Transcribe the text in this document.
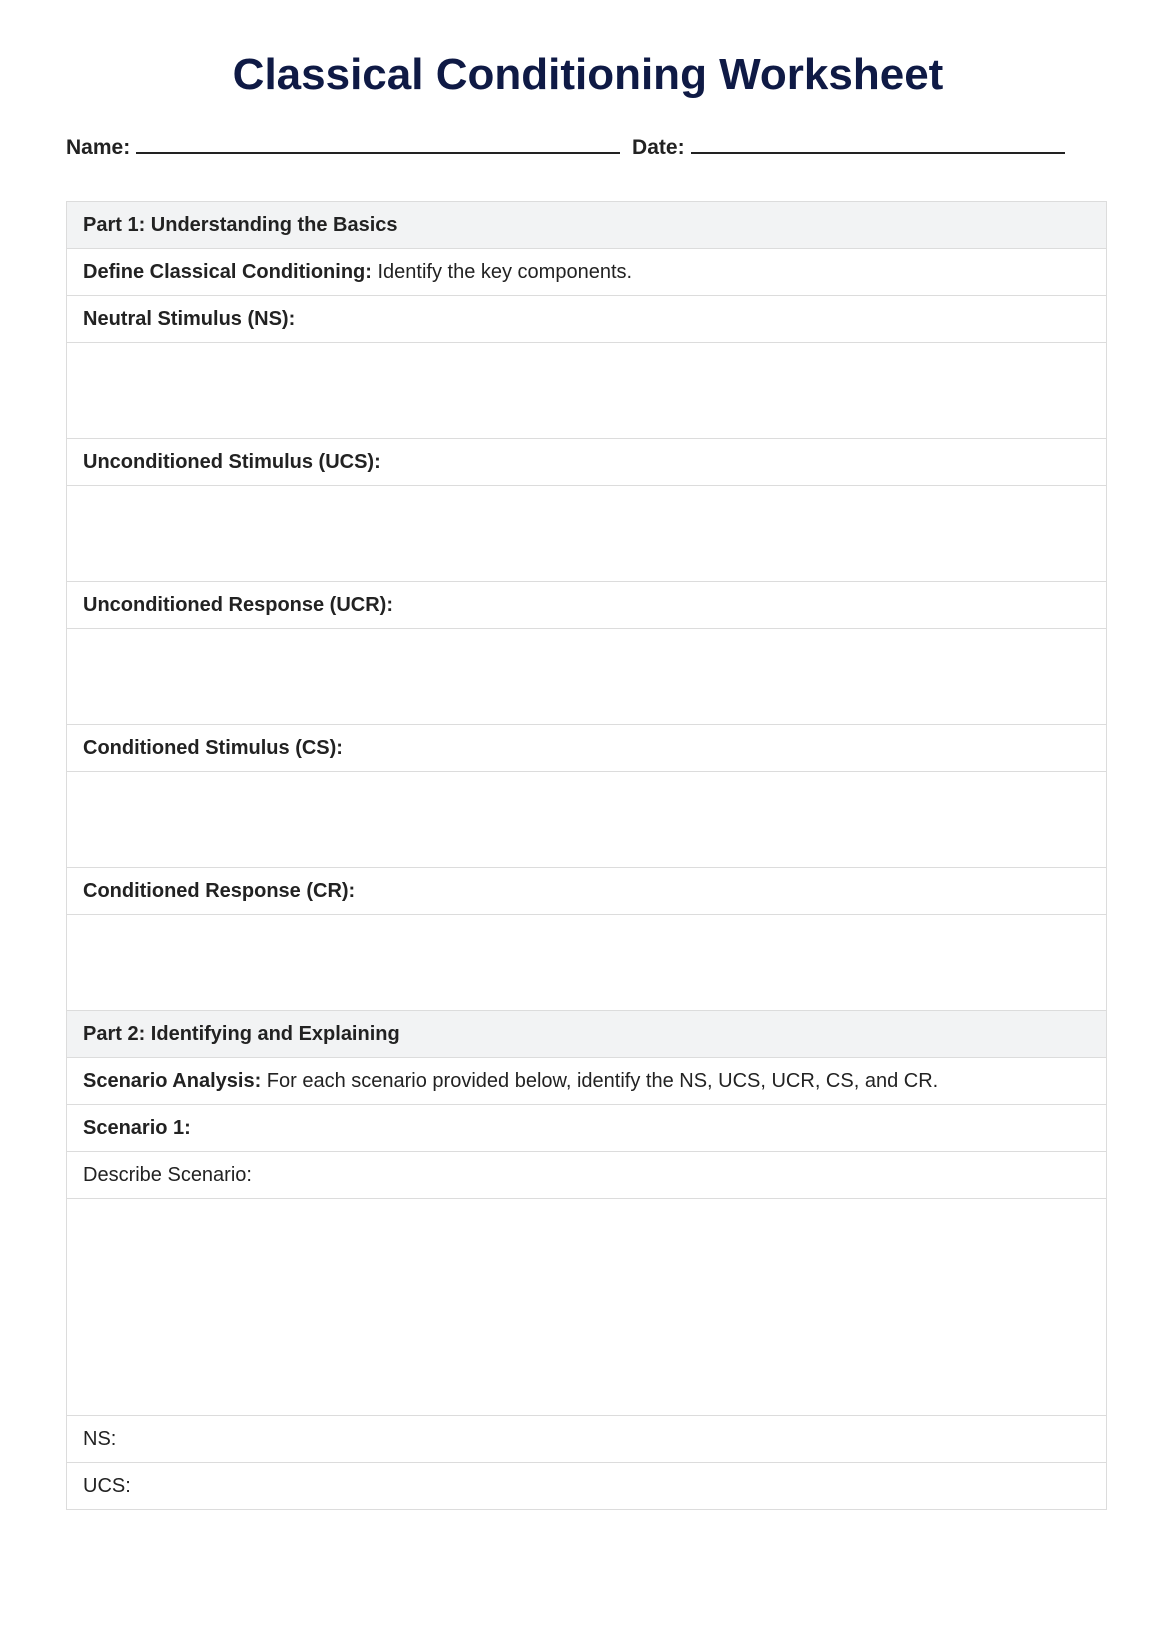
Classical Conditioning Worksheet
Name:	Date:
Part 1: Understanding the Basics
Define Classical Conditioning: Identify the key components.
Neutral Stimulus (NS):

Unconditioned Stimulus (UCS):

Unconditioned Response (UCR):

Conditioned Stimulus (CS):

Conditioned Response (CR):

Part 2: Identifying and Explaining
Scenario Analysis: For each scenario provided below, identify the NS, UCS, UCR, CS, and CR.
Scenario 1:
Describe Scenario:

NS:
UCS:
